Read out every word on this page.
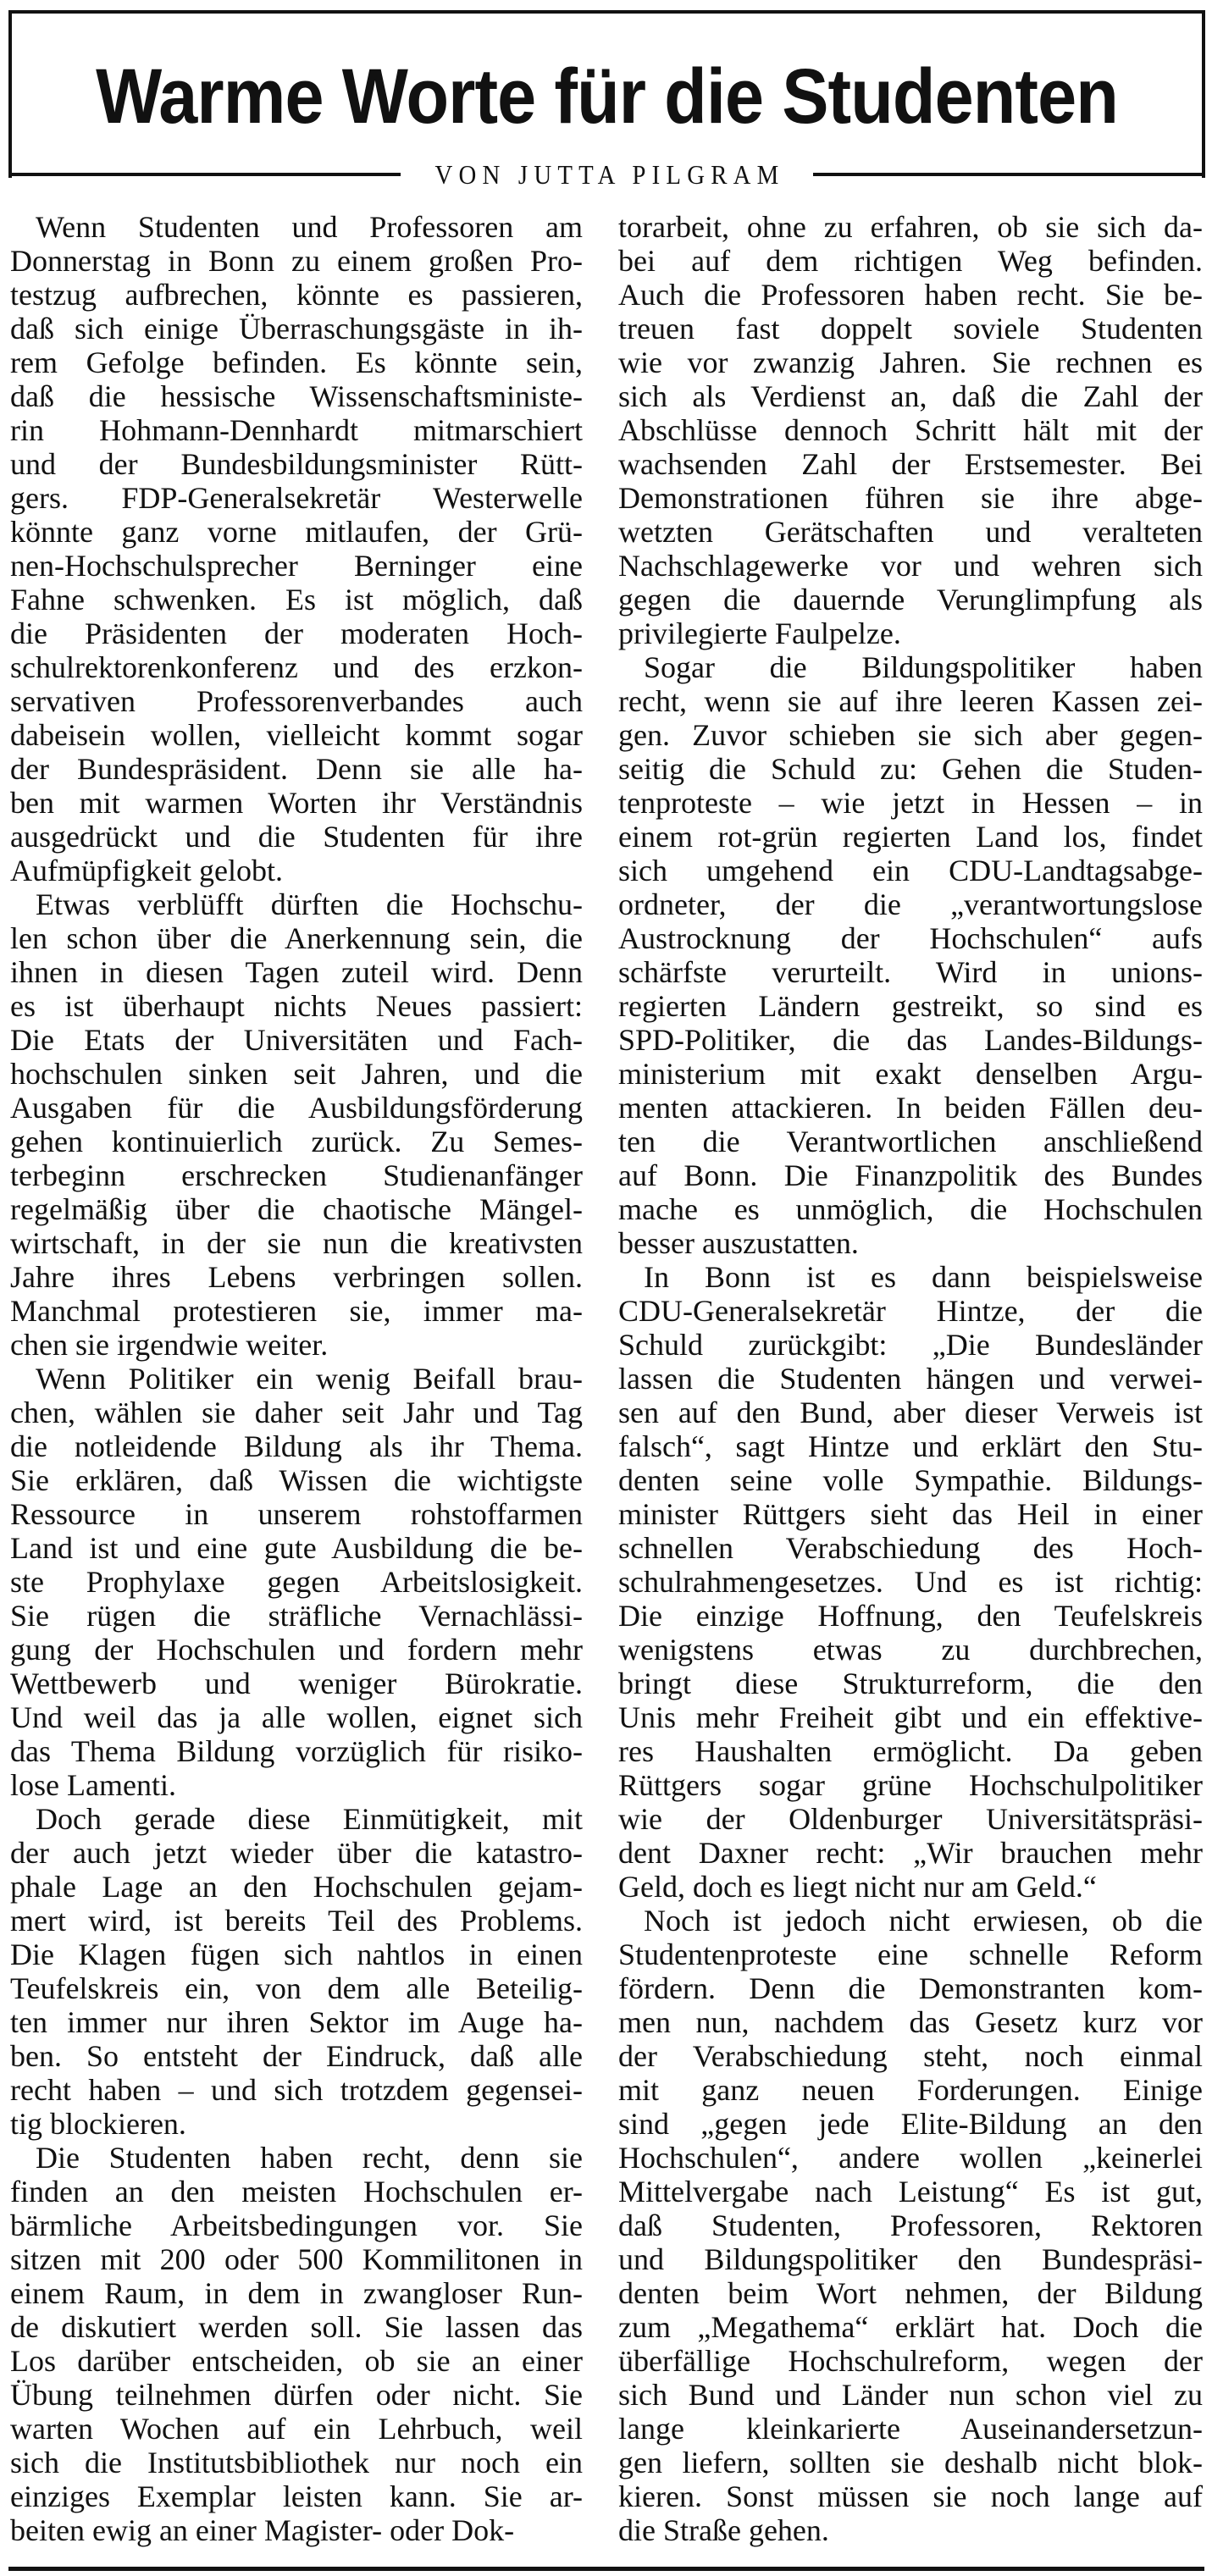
Warme Worte für die Studenten
VON JUTTA PILGRAM
Wenn Studenten und Professoren am
Donnerstag in Bonn zu einem großen Pro-
testzug aufbrechen, könnte es passieren,
daß sich einige Überraschungsgäste in ih-
rem Gefolge befinden. Es könnte sein,
daß die hessische Wissenschaftsministe-
rin Hohmann-Dennhardt mitmarschiert
und der Bundesbildungsminister Rütt-
gers. FDP-Generalsekretär Westerwelle
könnte ganz vorne mitlaufen, der Grü-
nen-Hochschulsprecher Berninger eine
Fahne schwenken. Es ist möglich, daß
die Präsidenten der moderaten Hoch-
schulrektorenkonferenz und des erzkon-
servativen Professorenverbandes auch
dabeisein wollen, vielleicht kommt sogar
der Bundespräsident. Denn sie alle ha-
ben mit warmen Worten ihr Verständnis
ausgedrückt und die Studenten für ihre
Aufmüpfigkeit gelobt.
Etwas verblüfft dürften die Hochschu-
len schon über die Anerkennung sein, die
ihnen in diesen Tagen zuteil wird. Denn
es ist überhaupt nichts Neues passiert:
Die Etats der Universitäten und Fach-
hochschulen sinken seit Jahren, und die
Ausgaben für die Ausbildungsförderung
gehen kontinuierlich zurück. Zu Semes-
terbeginn erschrecken Studienanfänger
regelmäßig über die chaotische Mängel-
wirtschaft, in der sie nun die kreativsten
Jahre ihres Lebens verbringen sollen.
Manchmal protestieren sie, immer ma-
chen sie irgendwie weiter.
Wenn Politiker ein wenig Beifall brau-
chen, wählen sie daher seit Jahr und Tag
die notleidende Bildung als ihr Thema.
Sie erklären, daß Wissen die wichtigste
Ressource in unserem rohstoffarmen
Land ist und eine gute Ausbildung die be-
ste Prophylaxe gegen Arbeitslosigkeit.
Sie rügen die sträfliche Vernachlässi-
gung der Hochschulen und fordern mehr
Wettbewerb und weniger Bürokratie.
Und weil das ja alle wollen, eignet sich
das Thema Bildung vorzüglich für risiko-
lose Lamenti.
Doch gerade diese Einmütigkeit, mit
der auch jetzt wieder über die katastro-
phale Lage an den Hochschulen gejam-
mert wird, ist bereits Teil des Problems.
Die Klagen fügen sich nahtlos in einen
Teufelskreis ein, von dem alle Beteilig-
ten immer nur ihren Sektor im Auge ha-
ben. So entsteht der Eindruck, daß alle
recht haben – und sich trotzdem gegensei-
tig blockieren.
Die Studenten haben recht, denn sie
finden an den meisten Hochschulen er-
bärmliche Arbeitsbedingungen vor. Sie
sitzen mit 200 oder 500 Kommilitonen in
einem Raum, in dem in zwangloser Run-
de diskutiert werden soll. Sie lassen das
Los darüber entscheiden, ob sie an einer
Übung teilnehmen dürfen oder nicht. Sie
warten Wochen auf ein Lehrbuch, weil
sich die Institutsbibliothek nur noch ein
einziges Exemplar leisten kann. Sie ar-
beiten ewig an einer Magister- oder Dok-
torarbeit, ohne zu erfahren, ob sie sich da-
bei auf dem richtigen Weg befinden.
Auch die Professoren haben recht. Sie be-
treuen fast doppelt soviele Studenten
wie vor zwanzig Jahren. Sie rechnen es
sich als Verdienst an, daß die Zahl der
Abschlüsse dennoch Schritt hält mit der
wachsenden Zahl der Erstsemester. Bei
Demonstrationen führen sie ihre abge-
wetzten Gerätschaften und veralteten
Nachschlagewerke vor und wehren sich
gegen die dauernde Verunglimpfung als
privilegierte Faulpelze.
Sogar die Bildungspolitiker haben
recht, wenn sie auf ihre leeren Kassen zei-
gen. Zuvor schieben sie sich aber gegen-
seitig die Schuld zu: Gehen die Studen-
tenproteste – wie jetzt in Hessen – in
einem rot-grün regierten Land los, findet
sich umgehend ein CDU-Landtagsabge-
ordneter, der die „verantwortungslose
Austrocknung der Hochschulen“ aufs
schärfste verurteilt. Wird in unions-
regierten Ländern gestreikt, so sind es
SPD-Politiker, die das Landes-Bildungs-
ministerium mit exakt denselben Argu-
menten attackieren. In beiden Fällen deu-
ten die Verantwortlichen anschließend
auf Bonn. Die Finanzpolitik des Bundes
mache es unmöglich, die Hochschulen
besser auszustatten.
In Bonn ist es dann beispielsweise
CDU-Generalsekretär Hintze, der die
Schuld zurückgibt: „Die Bundesländer
lassen die Studenten hängen und verwei-
sen auf den Bund, aber dieser Verweis ist
falsch“, sagt Hintze und erklärt den Stu-
denten seine volle Sympathie. Bildungs-
minister Rüttgers sieht das Heil in einer
schnellen Verabschiedung des Hoch-
schulrahmengesetzes. Und es ist richtig:
Die einzige Hoffnung, den Teufelskreis
wenigstens etwas zu durchbrechen,
bringt diese Strukturreform, die den
Unis mehr Freiheit gibt und ein effektive-
res Haushalten ermöglicht. Da geben
Rüttgers sogar grüne Hochschulpolitiker
wie der Oldenburger Universitätspräsi-
dent Daxner recht: „Wir brauchen mehr
Geld, doch es liegt nicht nur am Geld.“
Noch ist jedoch nicht erwiesen, ob die
Studentenproteste eine schnelle Reform
fördern. Denn die Demonstranten kom-
men nun, nachdem das Gesetz kurz vor
der Verabschiedung steht, noch einmal
mit ganz neuen Forderungen. Einige
sind „gegen jede Elite-Bildung an den
Hochschulen“, andere wollen „keinerlei
Mittelvergabe nach Leistung“ Es ist gut,
daß Studenten, Professoren, Rektoren
und Bildungspolitiker den Bundespräsi-
denten beim Wort nehmen, der Bildung
zum „Megathema“ erklärt hat. Doch die
überfällige Hochschulreform, wegen der
sich Bund und Länder nun schon viel zu
lange kleinkarierte Auseinandersetzun-
gen liefern, sollten sie deshalb nicht blok-
kieren. Sonst müssen sie noch lange auf
die Straße gehen.
